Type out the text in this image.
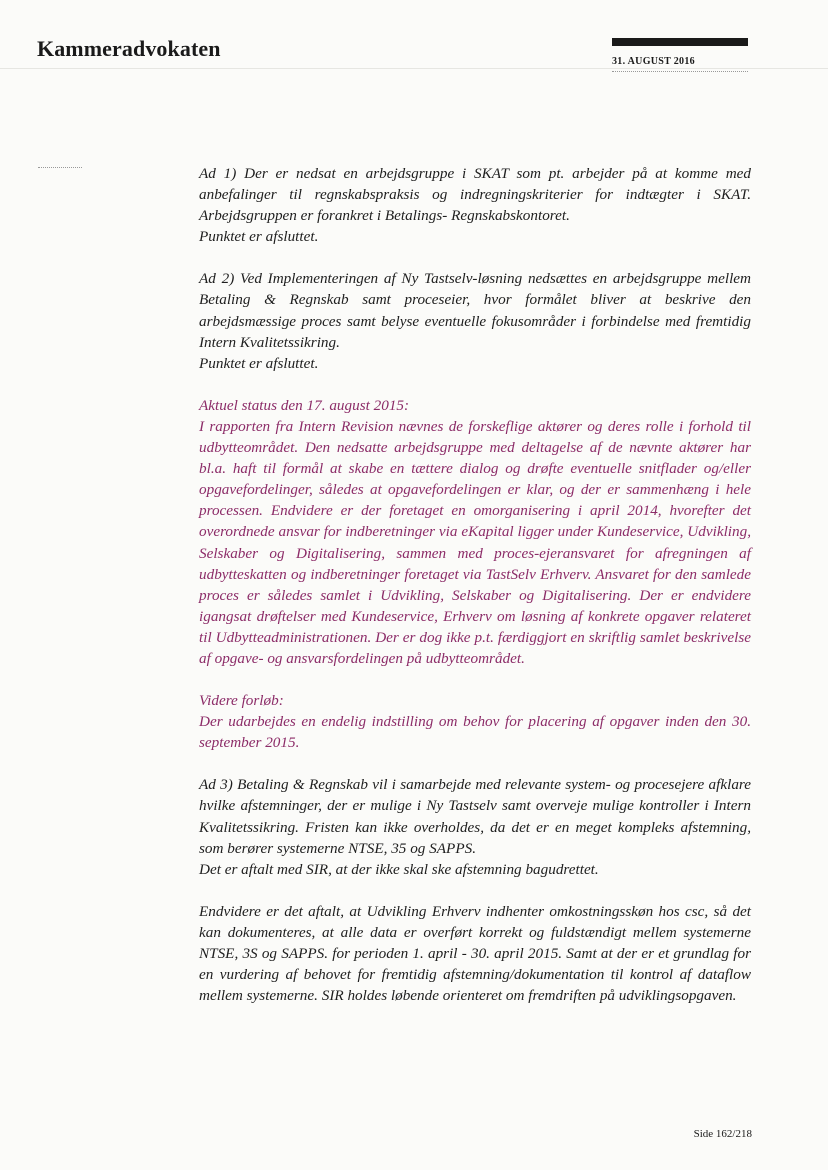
Kammeradvokaten
31. AUGUST 2016

Ad 1) Der er nedsat en arbejdsgruppe i SKAT som pt. arbejder på at komme med anbefalinger til regnskabspraksis og indregningskriterier for indtægter i SKAT. Arbejdsgruppen er forankret i Betalings- Regnskabskontoret.

Punktet er afsluttet.

Ad 2) Ved Implementeringen af Ny Tastselv-løsning nedsættes en arbejdsgruppe mellem Betaling & Regnskab samt proceseier, hvor formålet bliver at beskrive den arbejdsmæssige proces samt belyse eventuelle fokusområder i forbindelse med fremtidig Intern Kvalitetssikring.

Punktet er afsluttet.

Aktuel status den 17. august 2015:

I rapporten fra Intern Revision nævnes de forskeflige aktører og deres rolle i forhold til udbytteområdet. Den nedsatte arbejdsgruppe med deltagelse af de nævnte aktører har bl.a. haft til formål at skabe en tættere dialog og drøfte eventuelle snitflader og/eller opgavefordelinger, således at opgavefordelingen er klar, og der er sammenhæng i hele processen. Endvidere er der foretaget en omorganisering i april 2014, hvorefter det overordnede ansvar for indberetninger via eKapital ligger under Kundeservice, Udvikling, Selskaber og Digitalisering, sammen med proces-ejeransvaret for afregningen af udbytteskatten og indberetninger foretaget via TastSelv Erhverv. Ansvaret for den samlede proces er således samlet i Udvikling, Selskaber og Digitalisering. Der er endvidere igangsat drøftelser med Kundeservice, Erhverv om løsning af konkrete opgaver relateret til Udbytteadministrationen. Der er dog ikke p.t. færdiggjort en skriftlig samlet beskrivelse af opgave- og ansvarsfordelingen på udbytteområdet.

Videre forløb:

Der udarbejdes en endelig indstilling om behov for placering af opgaver inden den 30. september 2015.

Ad 3) Betaling & Regnskab vil i samarbejde med relevante system- og procesejere afklare hvilke afstemninger, der er mulige i Ny Tastselv samt overveje mulige kontroller i Intern Kvalitetssikring. Fristen kan ikke overholdes, da det er en meget kompleks afstemning, som berører systemerne NTSE, 35 og SAPPS.

Det er aftalt med SIR, at der ikke skal ske afstemning bagudrettet.

Endvidere er det aftalt, at Udvikling Erhverv indhenter omkostningsskøn hos csc, så det kan dokumenteres, at alle data er overført korrekt og fuldstændigt mellem systemerne NTSE, 3S og SAPPS. for perioden 1. april - 30. april 2015. Samt at der er et grundlag for en vurdering af behovet for fremtidig afstemning/dokumentation til kontrol af dataflow mellem systemerne. SIR holdes løbende orienteret om fremdriften på udviklingsopgaven.

Side 162/218
